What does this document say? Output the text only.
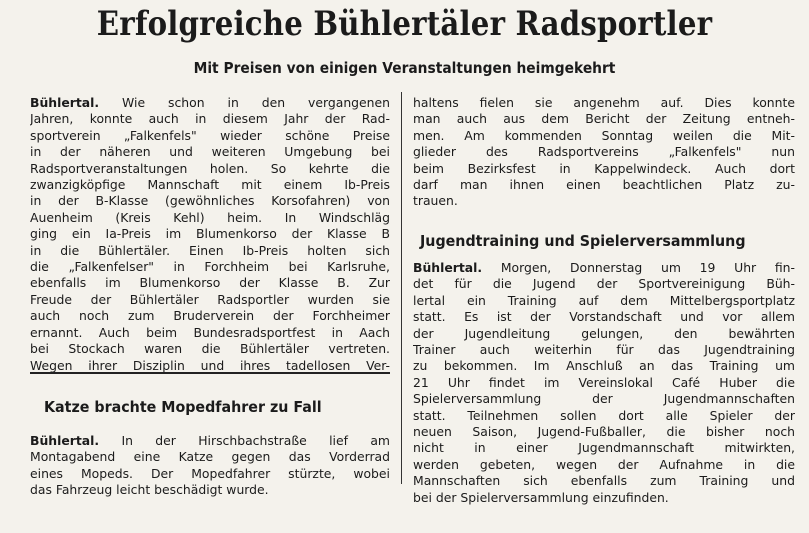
Erfolgreiche Bühlertäler Radsportler
Mit Preisen von einigen Veranstaltungen heimgekehrt
Bühlertal. Wie schon in den vergangenen
Jahren, konnte auch in diesem Jahr der Rad-
sportverein „Falkenfels" wieder schöne Preise
in der näheren und weiteren Umgebung bei
Radsportveranstaltungen holen. So kehrte die
zwanzigköpfige Mannschaft mit einem Ib-Preis
in der B-Klasse (gewöhnliches Korsofahren) von
Auenheim (Kreis Kehl) heim. In Windschläg
ging ein Ia-Preis im Blumenkorso der Klasse B
in die Bühlertäler. Einen Ib-Preis holten sich
die „Falkenfelser" in Forchheim bei Karlsruhe,
ebenfalls im Blumenkorso der Klasse B. Zur
Freude der Bühlertäler Radsportler wurden sie
auch noch zum Bruderverein der Forchheimer
ernannt. Auch beim Bundesradsportfest in Aach
bei Stockach waren die Bühlertäler vertreten.
Wegen ihrer Disziplin und ihres tadellosen Ver-
haltens fielen sie angenehm auf. Dies konnte
man auch aus dem Bericht der Zeitung entneh-
men. Am kommenden Sonntag weilen die Mit-
glieder des Radsportvereins „Falkenfels" nun
beim Bezirksfest in Kappelwindeck. Auch dort
darf man ihnen einen beachtlichen Platz zu-
trauen.
Katze brachte Mopedfahrer zu Fall
Bühlertal. In der Hirschbachstraße lief am
Montagabend eine Katze gegen das Vorderrad
eines Mopeds. Der Mopedfahrer stürzte, wobei
das Fahrzeug leicht beschädigt wurde.
Jugendtraining und Spielerversammlung
Bühlertal. Morgen, Donnerstag um 19 Uhr fin-
det für die Jugend der Sportvereinigung Büh-
lertal ein Training auf dem Mittelbergsportplatz
statt. Es ist der Vorstandschaft und vor allem
der Jugendleitung gelungen, den bewährten
Trainer auch weiterhin für das Jugendtraining
zu bekommen. Im Anschluß an das Training um
21 Uhr findet im Vereinslokal Café Huber die
Spielerversammlung der Jugendmannschaften
statt. Teilnehmen sollen dort alle Spieler der
neuen Saison, Jugend-Fußballer, die bisher noch
nicht in einer Jugendmannschaft mitwirkten,
werden gebeten, wegen der Aufnahme in die
Mannschaften sich ebenfalls zum Training und
bei der Spielerversammlung einzufinden.
